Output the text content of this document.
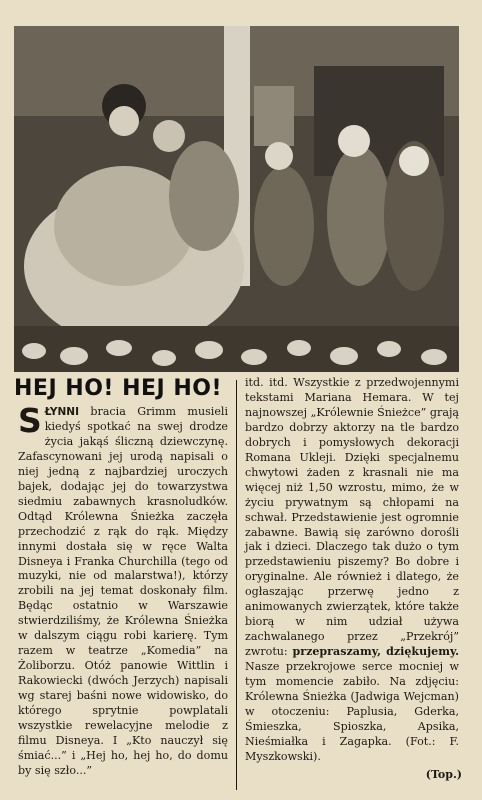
HEJ HO! HEJ HO!

S ŁYNNI bracia Grimm musieli kiedyś spotkać na swej drodze życia jakąś śliczną dziewczynę. Zafascynowani jej urodą napisali o niej jedną z najbardziej uroczych bajek, dodając jej do towarzystwa siedmiu zabawnych krasnoludków. Odtąd Królewna Śnieżka zaczęła przechodzić z rąk do rąk. Między innymi dostała się w ręce Walta Disneya i Franka Churchilla (tego od muzyki, nie od malarstwa!), którzy zrobili na jej temat doskonały film. Będąc ostatnio w Warszawie stwierdziliśmy, że Królewna Śnieżka w dalszym ciągu robi karierę. Tym razem w teatrze „Komedia” na Żoliborzu. Otóż panowie Wittlin i Rakowiecki (dwóch Jerzych) napisali wg starej baśni nowe widowisko, do którego sprytnie powplatali wszystkie rewelacyjne melodie z filmu Disneya. I „Kto nauczył się śmiać...” i „Hej ho, hej ho, do domu by się szło...”

itd. itd. Wszystkie z przedwojennymi tekstami Mariana Hemara. W tej najnowszej „Królewnie Śnieżce” grają bardzo dobrzy aktorzy na tle bardzo dobrych i pomysłowych dekoracji Romana Ukleji. Dzięki specjalnemu chwytowi żaden z krasnali nie ma więcej niż 1,50 wzrostu, mimo, że w życiu prywatnym są chłopami na schwał. Przedstawienie jest ogromnie zabawne. Bawią się zarówno dorośli jak i dzieci. Dlaczego tak dużo o tym przedstawieniu piszemy? Bo dobre i oryginalne. Ale również i dlatego, że ogłaszając przerwę jedno z animowanych zwierzątek, które także biorą w nim udział używa zachwalanego przez „Przekrój” zwrotu: przepraszamy, dziękujemy. Nasze przekrojowe serce mocniej w tym momencie zabiło. Na zdjęciu: Królewna Śnieżka (Jadwiga Wejcman) w otoczeniu: Paplusia, Gderka, Śmieszka, Spioszka, Apsika, Nieśmiałka i Zagapka. (Fot.: F. Myszkowski).

(Top.)
